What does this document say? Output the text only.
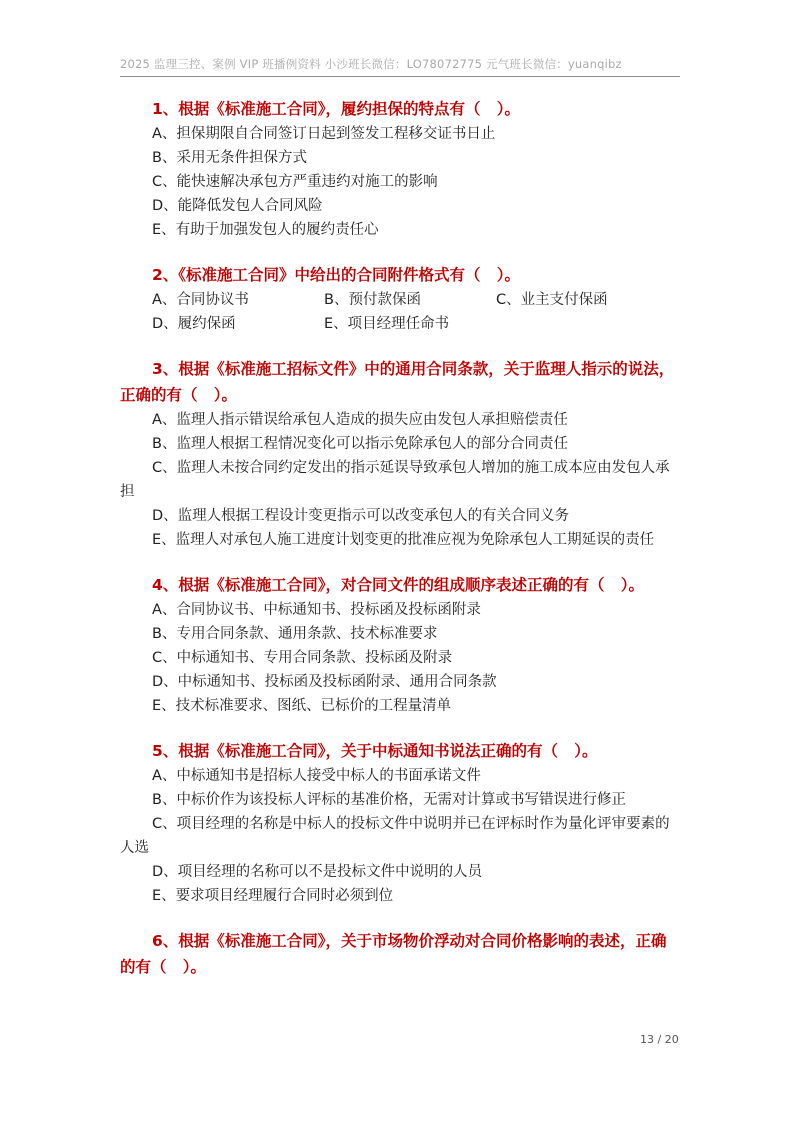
2025 监理三控、案例 VIP 班播例资料 小沙班长微信：LO78072775 元气班长微信：yuanqibz
1、根据《标准施工合同》，履约担保的特点有（   ）。
A、担保期限自合同签订日起到签发工程移交证书日止
B、采用无条件担保方式
C、能快速解决承包方严重违约对施工的影响
D、能降低发包人合同风险
E、有助于加强发包人的履约责任心
2、《标准施工合同》中给出的合同附件格式有（   ）。
A、合同协议书	B、预付款保函	C、业主支付保函
D、履约保函	E、项目经理任命书
3、根据《标准施工招标文件》中的通用合同条款，关于监理人指示的说法，正确的有（   ）。
A、监理人指示错误给承包人造成的损失应由发包人承担赔偿责任
B、监理人根据工程情况变化可以指示免除承包人的部分合同责任
C、监理人未按合同约定发出的指示延误导致承包人增加的施工成本应由发包人承担
D、监理人根据工程设计变更指示可以改变承包人的有关合同义务
E、监理人对承包人施工进度计划变更的批准应视为免除承包人工期延误的责任
4、根据《标准施工合同》，对合同文件的组成顺序表述正确的有（   ）。
A、合同协议书、中标通知书、投标函及投标函附录
B、专用合同条款、通用条款、技术标准要求
C、中标通知书、专用合同条款、投标函及附录
D、中标通知书、投标函及投标函附录、通用合同条款
E、技术标准要求、图纸、已标价的工程量清单
5、根据《标准施工合同》，关于中标通知书说法正确的有（   ）。
A、中标通知书是招标人接受中标人的书面承诺文件
B、中标价作为该投标人评标的基准价格，无需对计算或书写错误进行修正
C、项目经理的名称是中标人的投标文件中说明并已在评标时作为量化评审要素的人选
D、项目经理的名称可以不是投标文件中说明的人员
E、要求项目经理履行合同时必须到位
6、根据《标准施工合同》，关于市场物价浮动对合同价格影响的表述，正确的有（   ）。
13 / 20
